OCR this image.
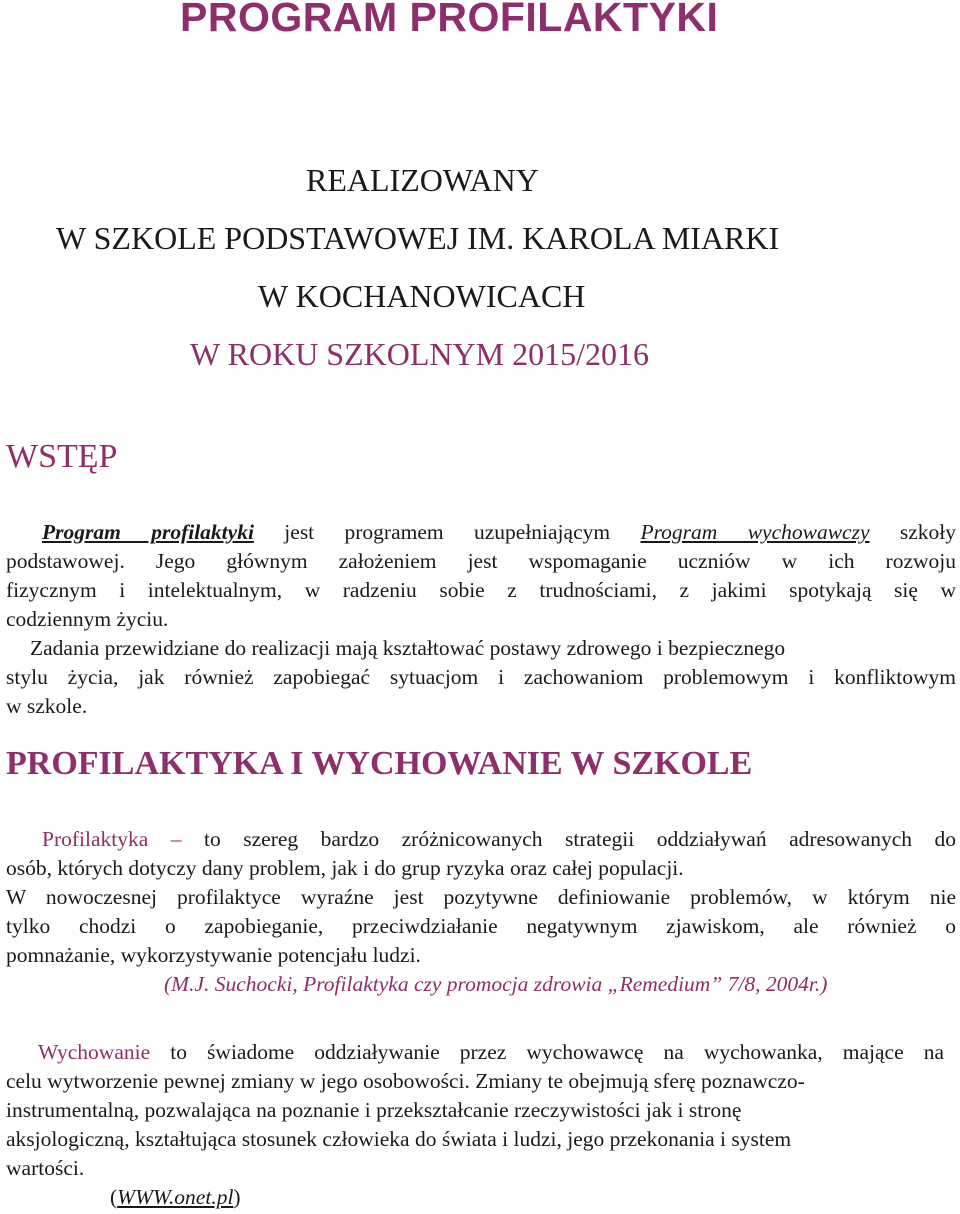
PROGRAM PROFILAKTYKI

REALIZOWANY

W SZKOLE PODSTAWOWEJ IM. KAROLA MIARKI

W KOCHANOWICACH

W ROKU SZKOLNYM 2015/2016

WSTĘP

Program profilaktyki jest programem uzupełniającym Program wychowawczy szkoły

podstawowej. Jego głównym założeniem jest wspomaganie uczniów w ich rozwoju

fizycznym i intelektualnym, w radzeniu sobie z trudnościami, z jakimi spotykają się w

codziennym życiu.

Zadania przewidziane do realizacji mają kształtować postawy zdrowego i bezpiecznego

stylu życia, jak również zapobiegać sytuacjom i zachowaniom problemowym i konfliktowym

w szkole.

PROFILAKTYKA I WYCHOWANIE W SZKOLE

Profilaktyka – to szereg bardzo zróżnicowanych strategii oddziaływań adresowanych do

osób, których dotyczy dany problem, jak i do grup ryzyka oraz całej populacji.

W nowoczesnej profilaktyce wyraźne jest pozytywne definiowanie problemów, w którym nie

tylko chodzi o zapobieganie, przeciwdziałanie negatywnym zjawiskom, ale również o

pomnażanie, wykorzystywanie potencjału ludzi.

(M.J. Suchocki, Profilaktyka czy promocja zdrowia „Remedium” 7/8, 2004r.)

Wychowanie to świadome oddziaływanie przez wychowawcę na wychowanka, mające na

celu wytworzenie pewnej zmiany w jego osobowości. Zmiany te obejmują sferę poznawczo-

instrumentalną, pozwalająca na poznanie i przekształcanie rzeczywistości jak i stronę

aksjologiczną, kształtująca stosunek człowieka do świata i ludzi, jego przekonania i system

wartości.

(WWW.onet.pl)
